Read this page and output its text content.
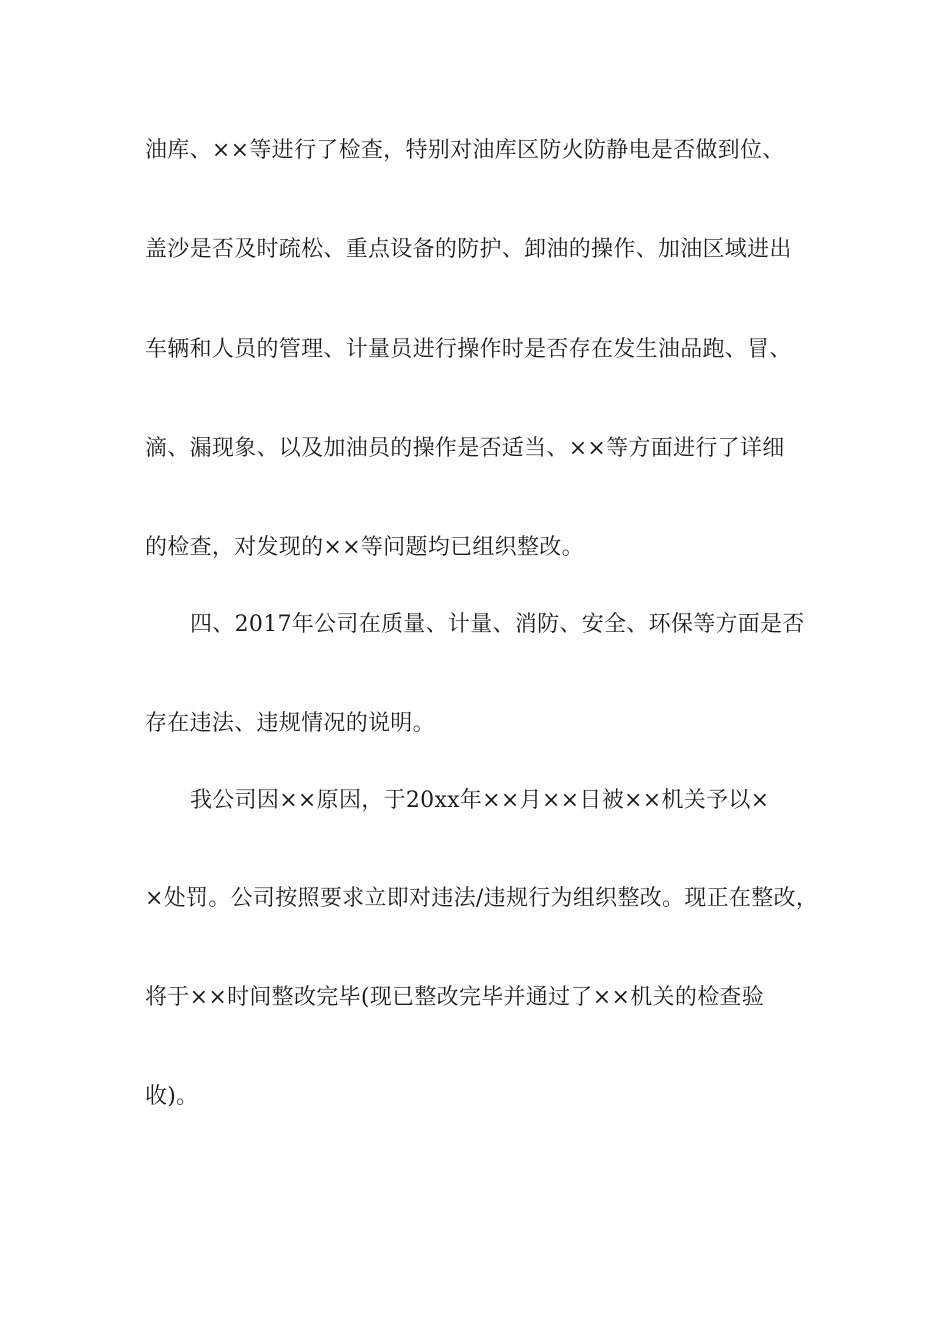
油库、××等进行了检查，特别对油库区防火防静电是否做到位、
盖沙是否及时疏松、重点设备的防护、卸油的操作、加油区域进出
车辆和人员的管理、计量员进行操作时是否存在发生油品跑、冒、
滴、漏现象、以及加油员的操作是否适当、××等方面进行了详细
的检查，对发现的××等问题均已组织整改。
四、2017年公司在质量、计量、消防、安全、环保等方面是否
存在违法、违规情况的说明。
我公司因××原因，于20xx年××月××日被××机关予以×
×处罚。公司按照要求立即对违法/违规行为组织整改。现正在整改，
将于××时间整改完毕(现已整改完毕并通过了××机关的检查验
收)。
